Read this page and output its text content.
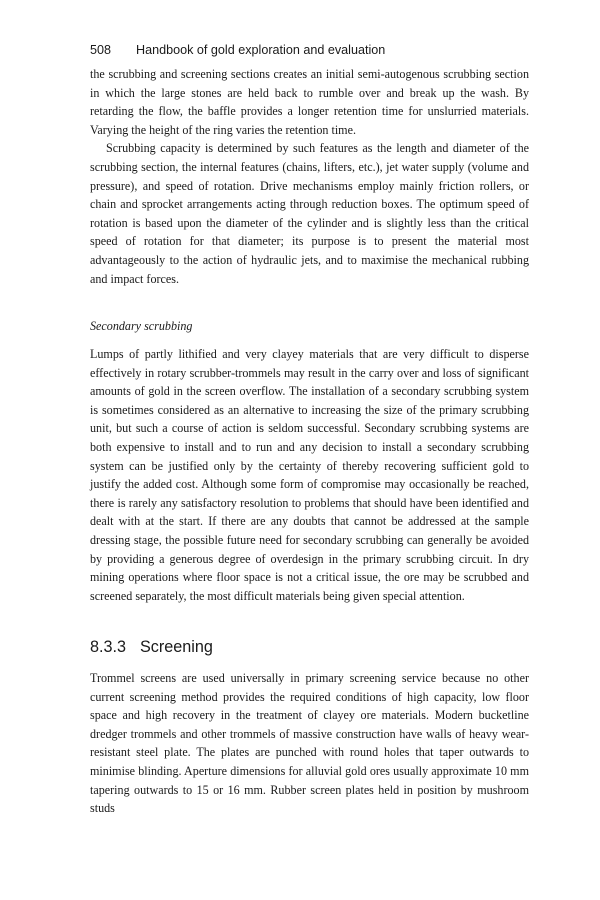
508 Handbook of gold exploration and evaluation

the scrubbing and screening sections creates an initial semi-autogenous scrubbing section in which the large stones are held back to rumble over and break up the wash. By retarding the flow, the baffle provides a longer retention time for unslurried materials. Varying the height of the ring varies the retention time.

Scrubbing capacity is determined by such features as the length and diameter of the scrubbing section, the internal features (chains, lifters, etc.), jet water supply (volume and pressure), and speed of rotation. Drive mechanisms employ mainly friction rollers, or chain and sprocket arrangements acting through reduction boxes. The optimum speed of rotation is based upon the diameter of the cylinder and is slightly less than the critical speed of rotation for that diameter; its purpose is to present the material most advantageously to the action of hydraulic jets, and to maximise the mechanical rubbing and impact forces.

Secondary scrubbing

Lumps of partly lithified and very clayey materials that are very difficult to disperse effectively in rotary scrubber-trommels may result in the carry over and loss of significant amounts of gold in the screen overflow. The installation of a secondary scrubbing system is sometimes considered as an alternative to increasing the size of the primary scrubbing unit, but such a course of action is seldom successful. Secondary scrubbing systems are both expensive to install and to run and any decision to install a secondary scrubbing system can be justified only by the certainty of thereby recovering sufficient gold to justify the added cost. Although some form of compromise may occasionally be reached, there is rarely any satisfactory resolution to problems that should have been identified and dealt with at the start. If there are any doubts that cannot be addressed at the sample dressing stage, the possible future need for secondary scrubbing can generally be avoided by providing a generous degree of overdesign in the primary scrubbing circuit. In dry mining operations where floor space is not a critical issue, the ore may be scrubbed and screened separately, the most difficult materials being given special attention.

8.3.3 Screening

Trommel screens are used universally in primary screening service because no other current screening method provides the required conditions of high capacity, low floor space and high recovery in the treatment of clayey ore materials. Modern bucketline dredger trommels and other trommels of massive construction have walls of heavy wear-resistant steel plate. The plates are punched with round holes that taper outwards to minimise blinding. Aperture dimensions for alluvial gold ores usually approximate 10 mm tapering outwards to 15 or 16 mm. Rubber screen plates held in position by mushroom studs
